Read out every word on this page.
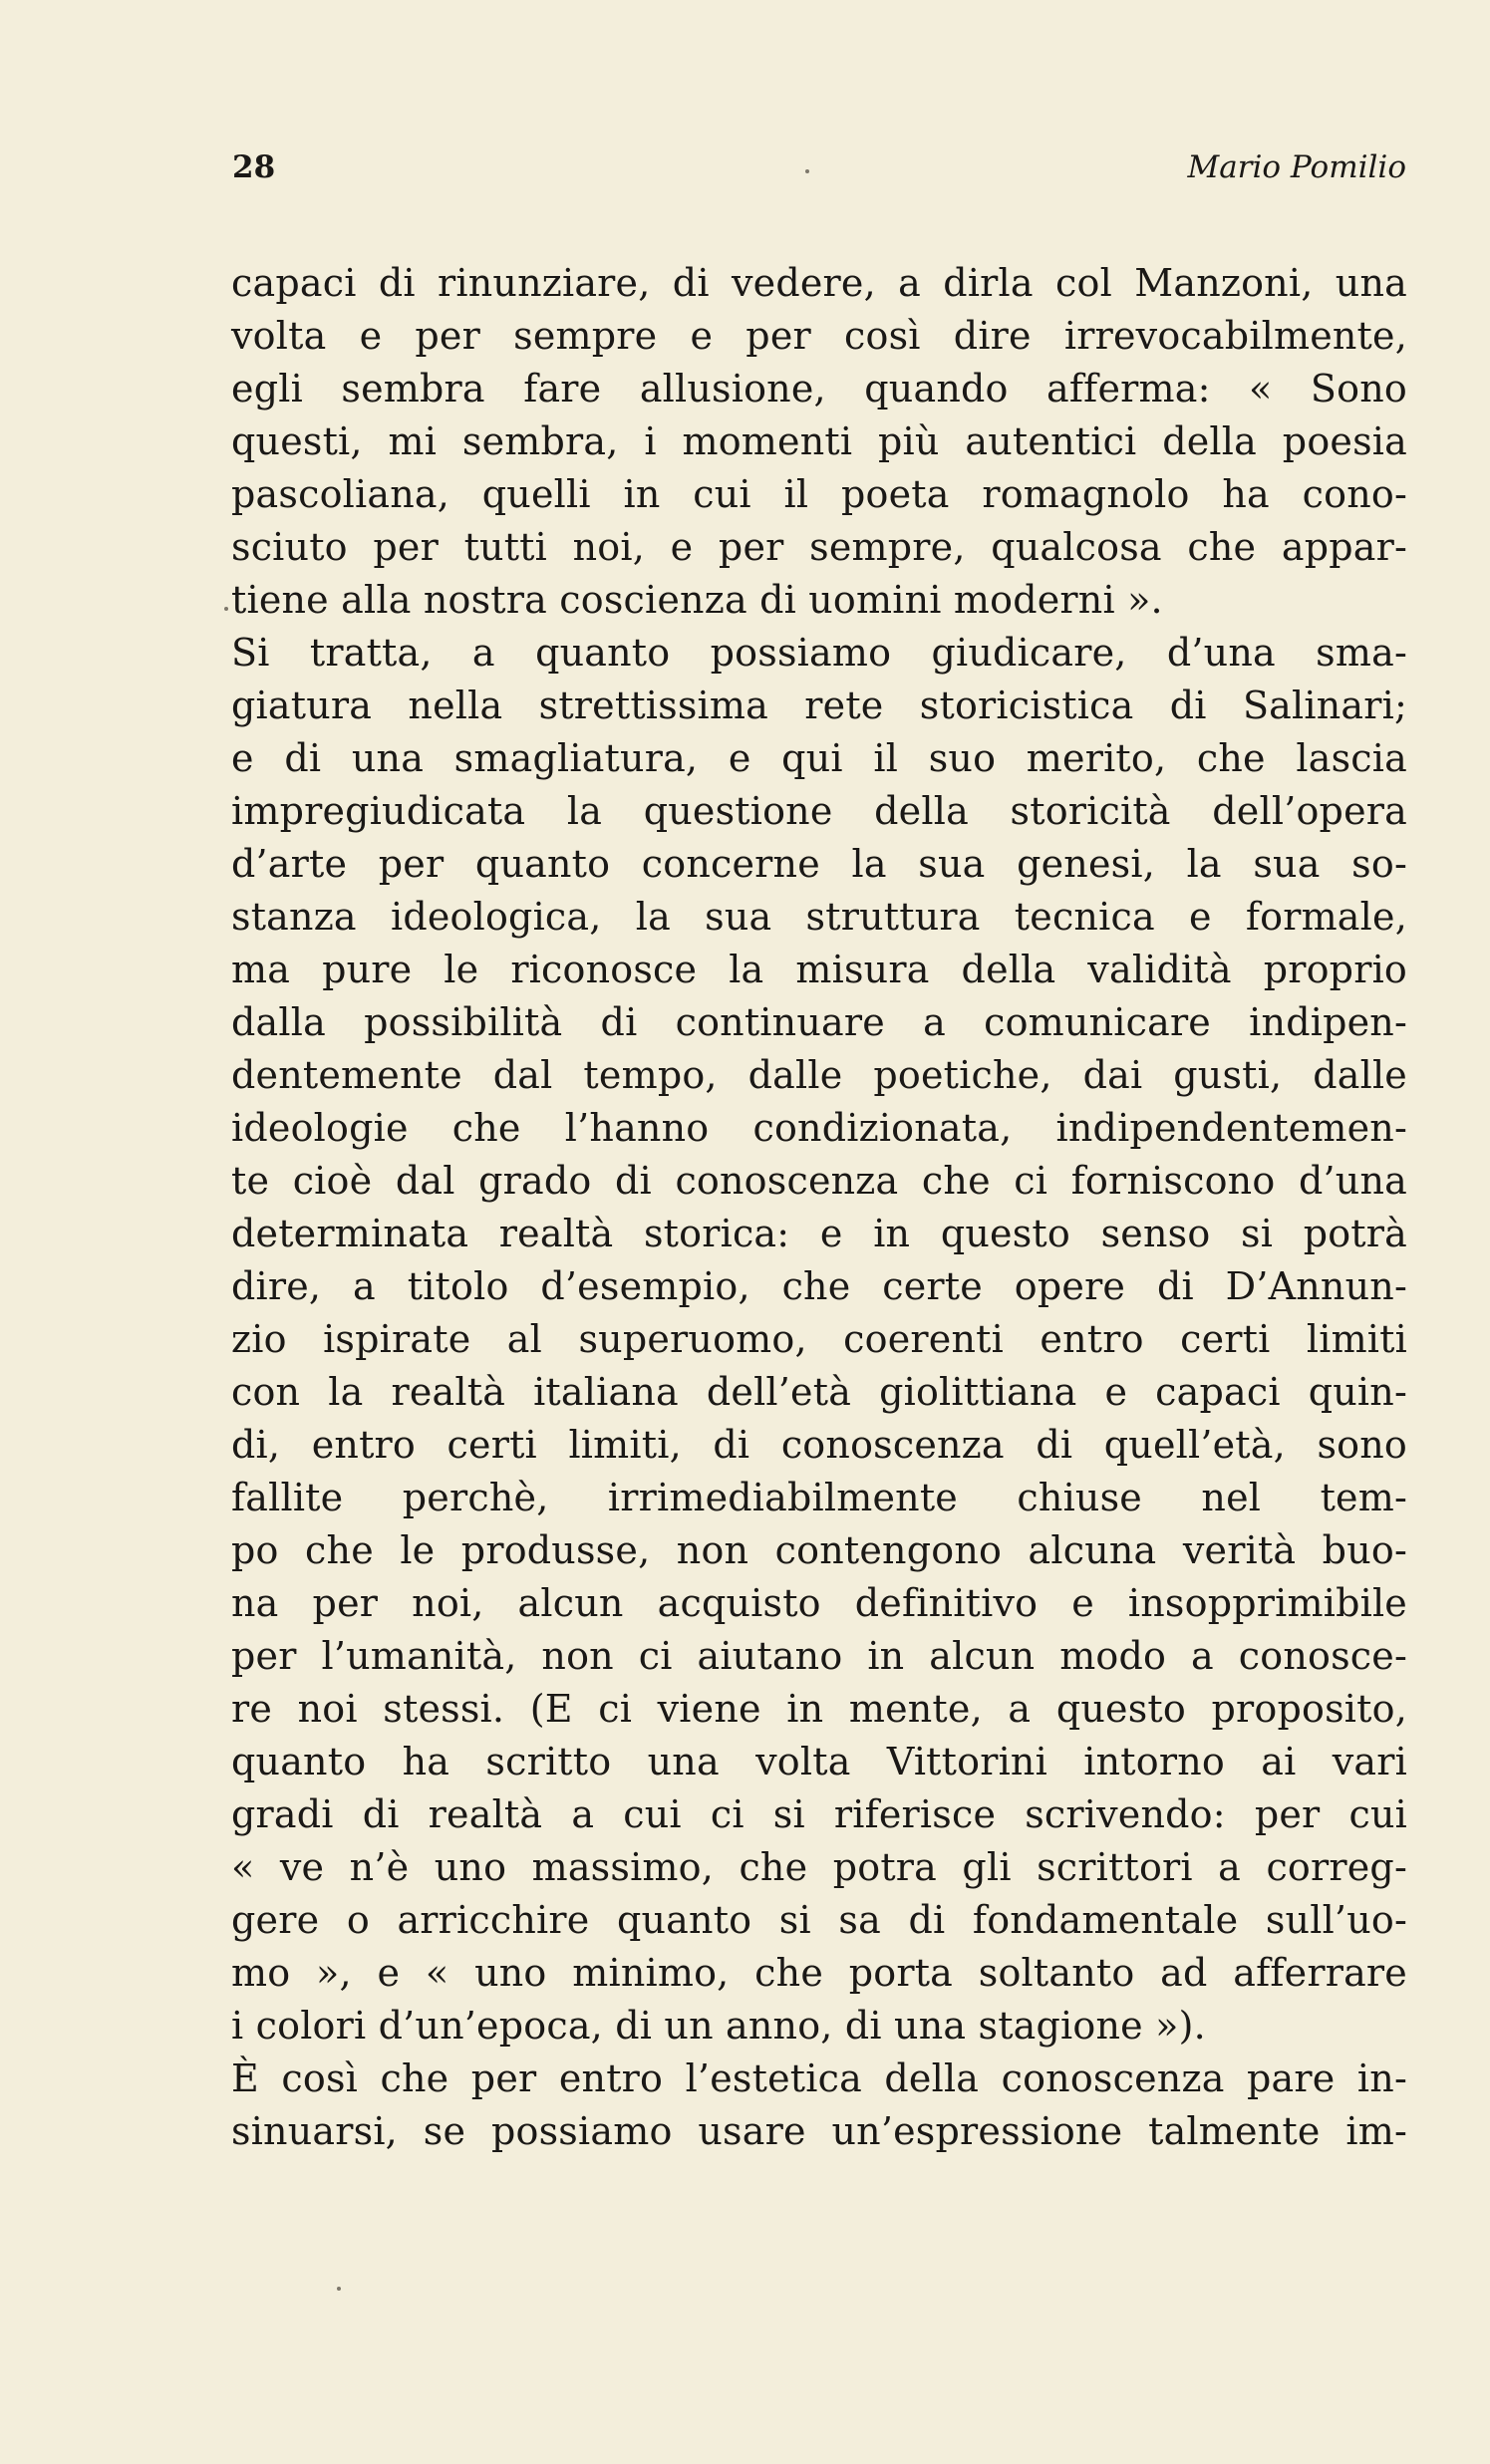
28	Mario Pomilio
capaci di rinunziare, di vedere, a dirla col Manzoni, una
volta e per sempre e per così dire irrevocabilmente,
egli sembra fare allusione, quando afferma: « Sono
questi, mi sembra, i momenti più autentici della poesia
pascoliana, quelli in cui il poeta romagnolo ha cono-
sciuto per tutti noi, e per sempre, qualcosa che appar-
tiene alla nostra coscienza di uomini moderni ».
Si tratta, a quanto possiamo giudicare, d’una sma-
giatura nella strettissima rete storicistica di Salinari;
e di una smagliatura, e qui il suo merito, che lascia
impregiudicata la questione della storicità dell’opera
d’arte per quanto concerne la sua genesi, la sua so-
stanza ideologica, la sua struttura tecnica e formale,
ma pure le riconosce la misura della validità proprio
dalla possibilità di continuare a comunicare indipen-
dentemente dal tempo, dalle poetiche, dai gusti, dalle
ideologie che l’hanno condizionata, indipendentemen-
te cioè dal grado di conoscenza che ci forniscono d’una
determinata realtà storica: e in questo senso si potrà
dire, a titolo d’esempio, che certe opere di D’Annun-
zio ispirate al superuomo, coerenti entro certi limiti
con la realtà italiana dell’età giolittiana e capaci quin-
di, entro certi limiti, di conoscenza di quell’età, sono
fallite perchè, irrimediabilmente chiuse nel tem-
po che le produsse, non contengono alcuna verità buo-
na per noi, alcun acquisto definitivo e insopprimibile
per l’umanità, non ci aiutano in alcun modo a conosce-
re noi stessi. (E ci viene in mente, a questo proposito,
quanto ha scritto una volta Vittorini intorno ai vari
gradi di realtà a cui ci si riferisce scrivendo: per cui
« ve n’è uno massimo, che potra gli scrittori a correg-
gere o arricchire quanto si sa di fondamentale sull’uo-
mo », e « uno minimo, che porta soltanto ad afferrare
i colori d’un’epoca, di un anno, di una stagione »).
È così che per entro l’estetica della conoscenza pare in-
sinuarsi, se possiamo usare un’espressione talmente im-
